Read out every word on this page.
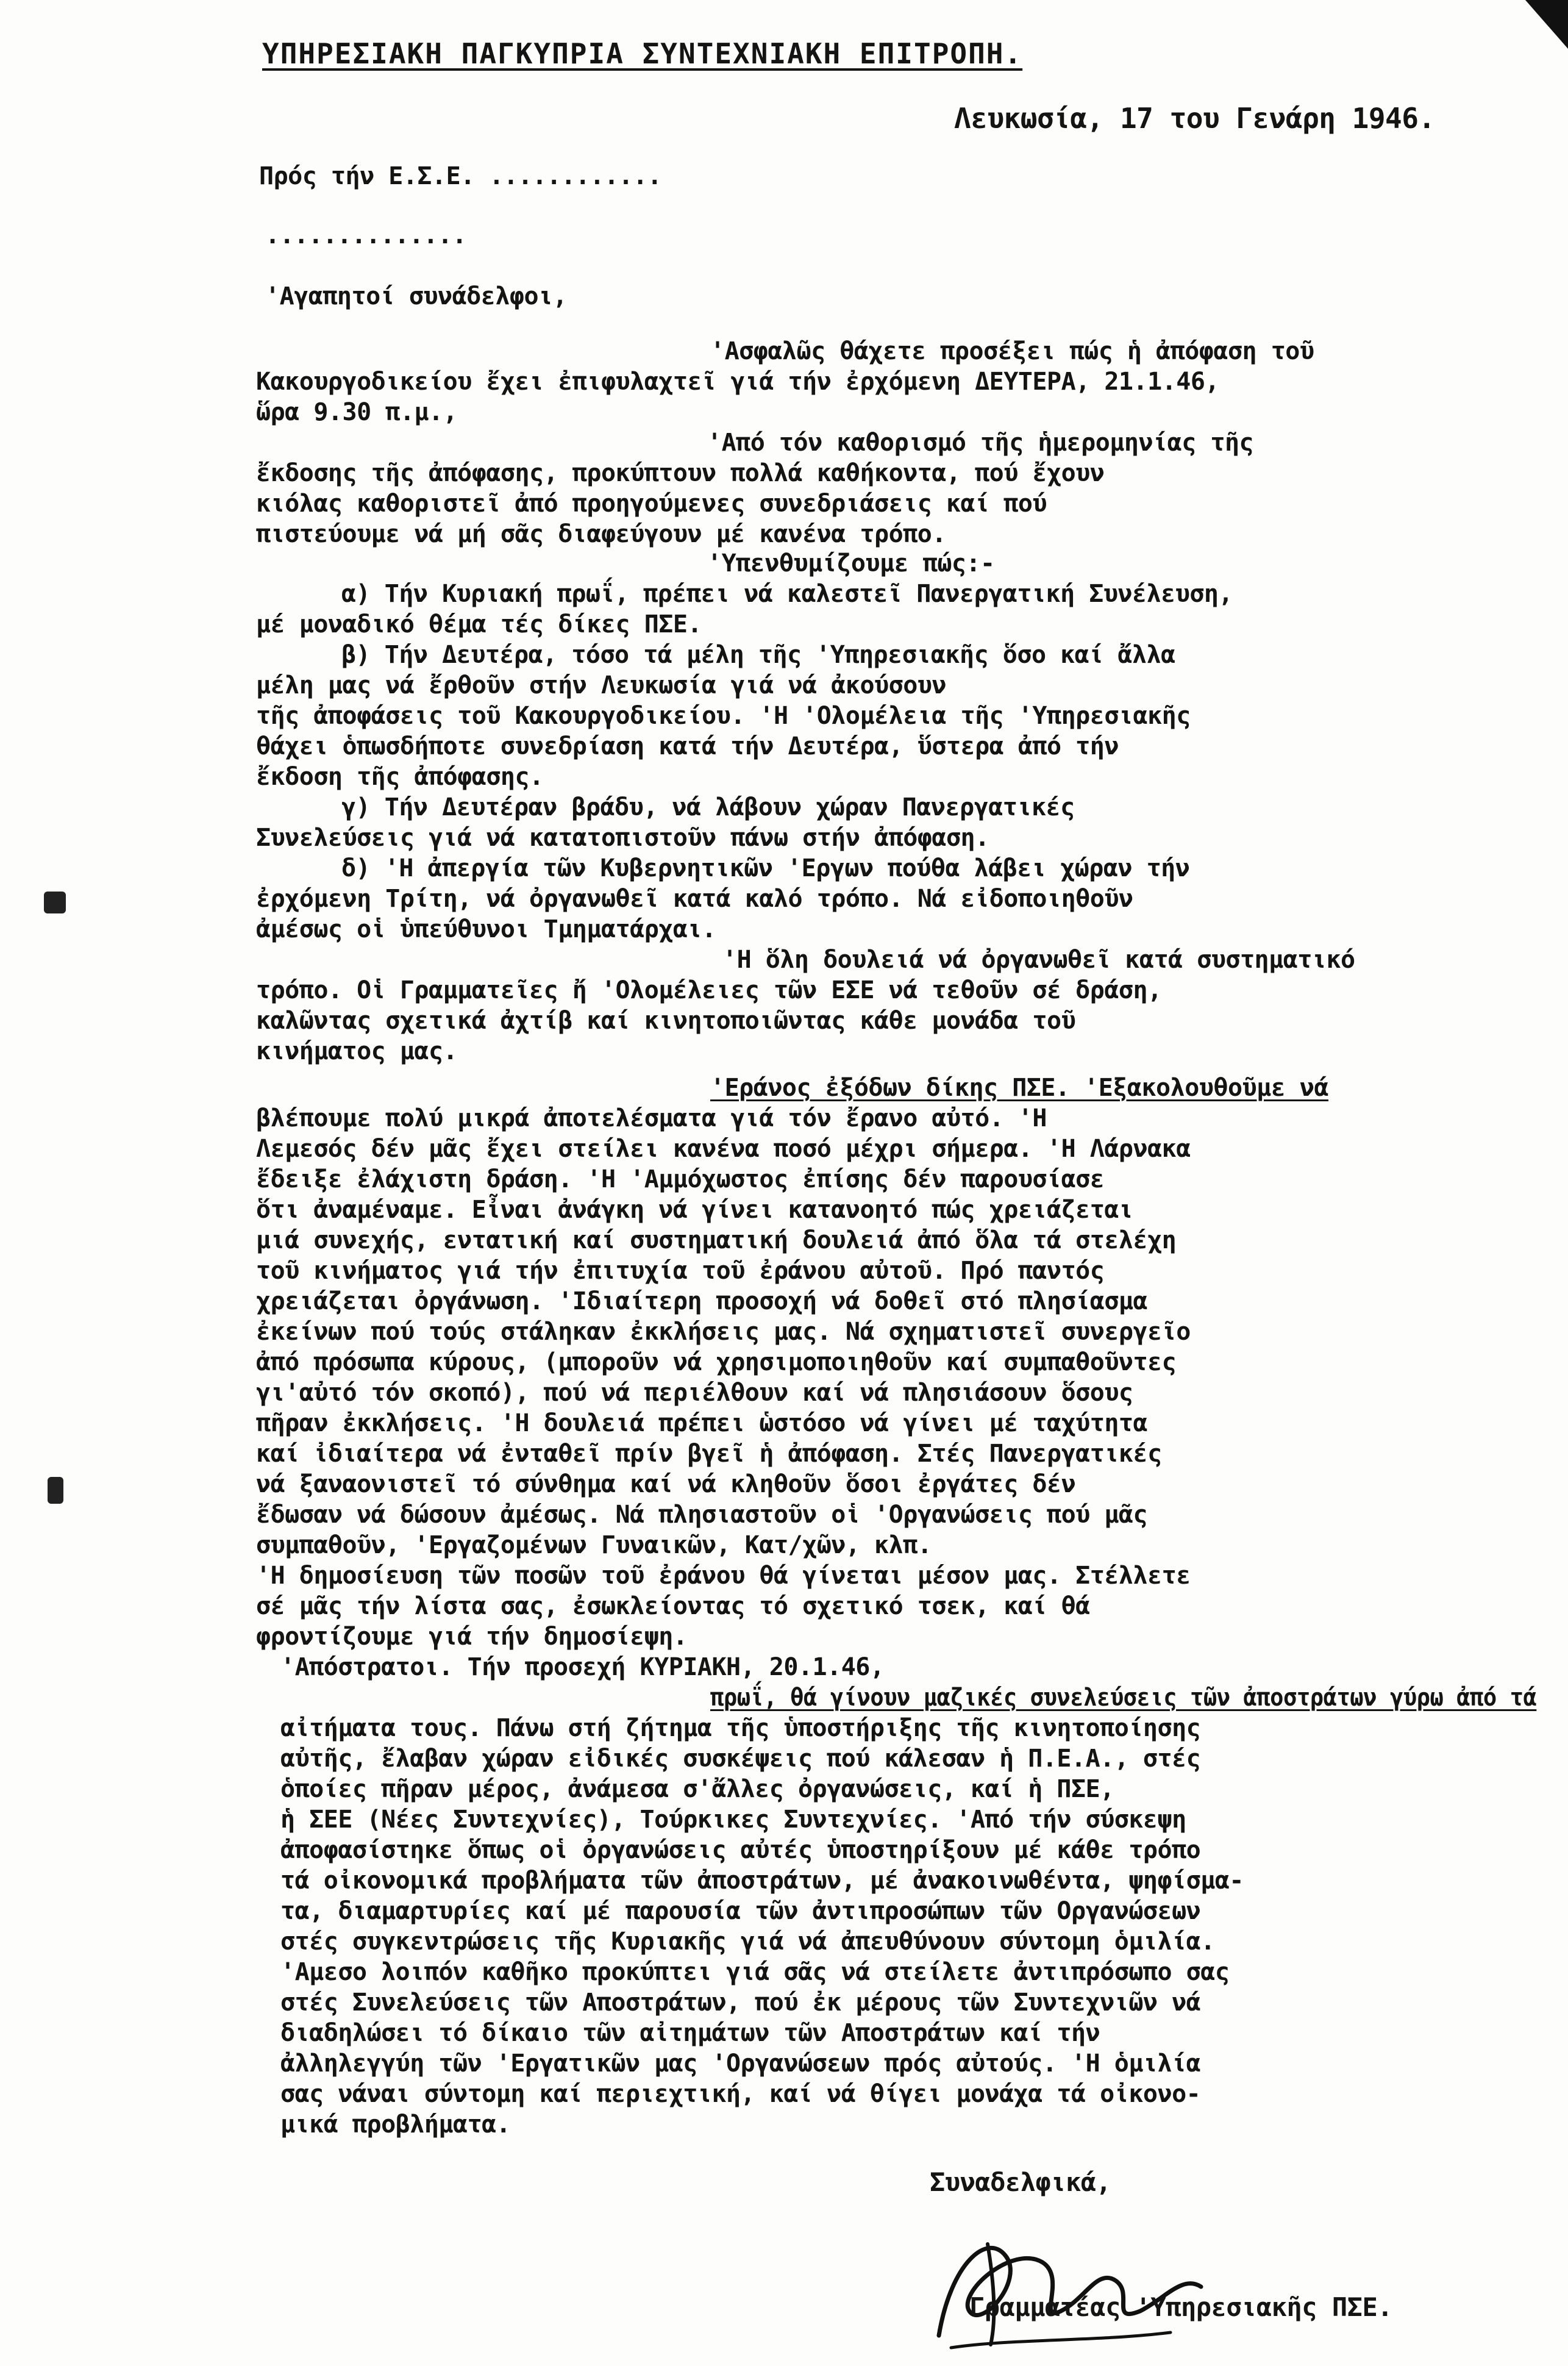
ΥΠΗΡΕΣΙΑΚΗ ΠΑΓΚΥΠΡΙΑ ΣΥΝΤΕΧΝΙΑΚΗ ΕΠΙΤΡΟΠΗ.
Λευκωσία, 17 του Γενάρη 1946.
Πρός τήν Ε.Σ.Ε. ............
..............
'Αγαπητοί συνάδελφοι,
'Ασφαλῶς θάχετε προσέξει πώς ἡ ἀπόφαση τοῦ
Κακουργοδικείου ἔχει ἐπιφυλαχτεῖ γιά τήν ἐρχόμενη ΔΕΥΤΕΡΑ, 21.1.46,
ὥρα 9.30 π.μ.,
'Από τόν καθορισμό τῆς ἡμερομηνίας τῆς
ἔκδοσης τῆς ἀπόφασης, προκύπτουν πολλά καθήκοντα, πού ἔχουν
κιόλας καθοριστεῖ ἀπό προηγούμενες συνεδριάσεις καί πού
πιστεύουμε νά μή σᾶς διαφεύγουν μέ κανένα τρόπο.
'Υπενθυμίζουμε πώς:-
α) Τήν Κυριακή πρωΐ, πρέπει νά καλεστεῖ Πανεργατική Συνέλευση,
μέ μοναδικό θέμα τές δίκες ΠΣΕ.
β) Τήν Δευτέρα, τόσο τά μέλη τῆς 'Υπηρεσιακῆς ὅσο καί ἄλλα
μέλη μας νά ἔρθοῦν στήν Λευκωσία γιά νά ἀκούσουν
τῆς ἀποφάσεις τοῦ Κακουργοδικείου. 'Η 'Ολομέλεια τῆς 'Υπηρεσιακῆς
θάχει ὁπωσδήποτε συνεδρίαση κατά τήν Δευτέρα, ὕστερα ἀπό τήν
ἔκδοση τῆς ἀπόφασης.
γ) Τήν Δευτέραν βράδυ, νά λάβουν χώραν Πανεργατικές
Συνελεύσεις γιά νά κατατοπιστοῦν πάνω στήν ἀπόφαση.
δ) 'Η ἀπεργία τῶν Κυβερνητικῶν 'Εργων πούθα λάβει χώραν τήν
ἐρχόμενη Τρίτη, νά ὀργανωθεῖ κατά καλό τρόπο. Νά εἰδοποιηθοῦν
ἀμέσως οἱ ὑπεύθυνοι Τμηματάρχαι.
'Η ὅλη δουλειά νά ὀργανωθεῖ κατά συστηματικό
τρόπο. Οἱ Γραμματεῖες ἤ 'Ολομέλειες τῶν ΕΣΕ νά τεθοῦν σέ δράση,
καλῶντας σχετικά ἀχτίβ καί κινητοποιῶντας κάθε μονάδα τοῦ
κινήματος μας.
'Εράνος ἐξόδων δίκης ΠΣΕ. 'Εξακολουθοῦμε νά
βλέπουμε πολύ μικρά ἀποτελέσματα γιά τόν ἔρανο αὐτό. 'Η
Λεμεσός δέν μᾶς ἔχει στείλει κανένα ποσό μέχρι σήμερα. 'Η Λάρνακα
ἔδειξε ἐλάχιστη δράση. 'Η 'Αμμόχωστος ἐπίσης δέν παρουσίασε
ὅτι ἀναμέναμε. Εἶναι ἀνάγκη νά γίνει κατανοητό πώς χρειάζεται
μιά συνεχής, εντατική καί συστηματική δουλειά ἀπό ὅλα τά στελέχη
τοῦ κινήματος γιά τήν ἐπιτυχία τοῦ ἐράνου αὐτοῦ. Πρό παντός
χρειάζεται ὀργάνωση. 'Ιδιαίτερη προσοχή νά δοθεῖ στό πλησίασμα
ἐκείνων πού τούς στάληκαν ἐκκλήσεις μας. Νά σχηματιστεῖ συνεργεῖο
ἀπό πρόσωπα κύρους, (μποροῦν νά χρησιμοποιηθοῦν καί συμπαθοῦντες
γι'αὐτό τόν σκοπό), πού νά περιέλθουν καί νά πλησιάσουν ὅσους
πῆραν ἐκκλήσεις. 'Η δουλειά πρέπει ὡστόσο νά γίνει μέ ταχύτητα
καί ἰδιαίτερα νά ἐνταθεῖ πρίν βγεῖ ἡ ἀπόφαση. Στές Πανεργατικές
νά ξαναονιστεῖ τό σύνθημα καί νά κληθοῦν ὅσοι ἐργάτες δέν
ἔδωσαν νά δώσουν ἀμέσως. Νά πλησιαστοῦν οἱ 'Οργανώσεις πού μᾶς
συμπαθοῦν, 'Εργαζομένων Γυναικῶν, Κατ/χῶν, κλπ.
'Η δημοσίευση τῶν ποσῶν τοῦ ἐράνου θά γίνεται μέσον μας. Στέλλετε
σέ μᾶς τήν λίστα σας, ἐσωκλείοντας τό σχετικό τσεκ, καί θά
φροντίζουμε γιά τήν δημοσίεψη.
'Απόστρατοι. Τήν προσεχή ΚΥΡΙΑΚΗ, 20.1.46,
πρωΐ, θά γίνουν μαζικές συνελεύσεις τῶν ἀποστράτων γύρω ἀπό τά
αἰτήματα τους. Πάνω στή ζήτημα τῆς ὑποστήριξης τῆς κινητοποίησης
αὐτῆς, ἔλαβαν χώραν εἰδικές συσκέψεις πού κάλεσαν ἡ Π.Ε.Α., στές
ὁποίες πῆραν μέρος, ἀνάμεσα σ'ἄλλες ὀργανώσεις, καί ἡ ΠΣΕ,
ἡ ΣΕΕ (Νέες Συντεχνίες), Τούρκικες Συντεχνίες. 'Από τήν σύσκεψη
ἀποφασίστηκε ὅπως οἱ ὀργανώσεις αὐτές ὑποστηρίξουν μέ κάθε τρόπο
τά οἰκονομικά προβλήματα τῶν ἀποστράτων, μέ ἀνακοινωθέντα, ψηφίσμα-
τα, διαμαρτυρίες καί μέ παρουσία τῶν ἀντιπροσώπων τῶν Οργανώσεων
στές συγκεντρώσεις τῆς Κυριακῆς γιά νά ἀπευθύνουν σύντομη ὁμιλία.
'Αμεσο λοιπόν καθῆκο προκύπτει γιά σᾶς νά στείλετε ἀντιπρόσωπο σας
στές Συνελεύσεις τῶν Αποστράτων, πού ἐκ μέρους τῶν Συντεχνιῶν νά
διαδηλώσει τό δίκαιο τῶν αἰτημάτων τῶν Αποστράτων καί τήν
ἀλληλεγγύη τῶν 'Εργατικῶν μας 'Οργανώσεων πρός αὐτούς. 'Η ὁμιλία
σας νάναι σύντομη καί περιεχτική, καί νά θίγει μονάχα τά οἰκονο-
μικά προβλήματα.
Συναδελφικά,
Γραμματέας 'Υπηρεσιακῆς ΠΣΕ.
